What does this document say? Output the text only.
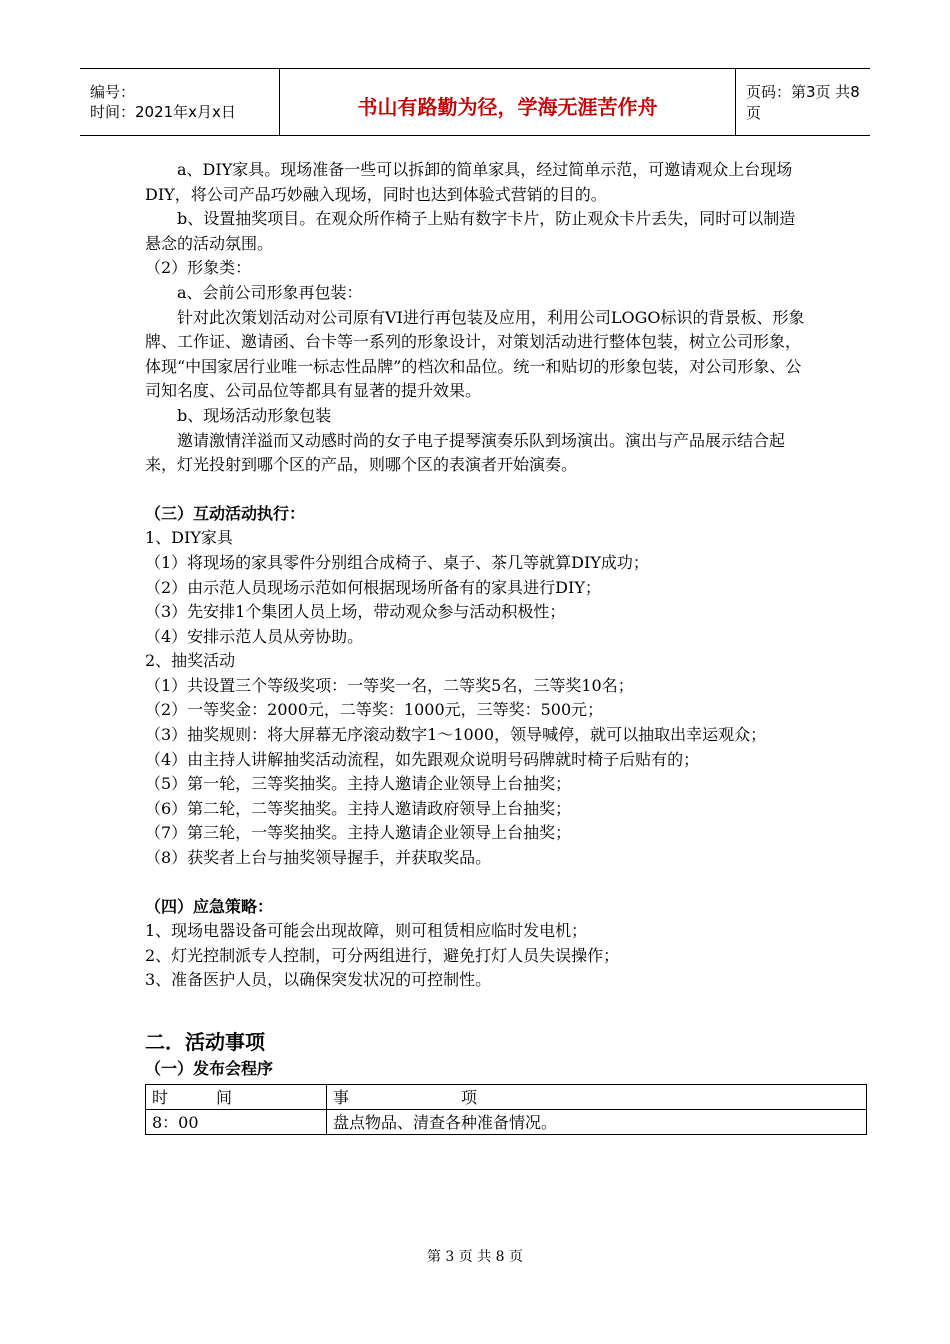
编号：
时间：2021年x月x日	书山有路勤为径，学海无涯苦作舟
页码：第3页 共8页
a、DIY家具。现场准备一些可以拆卸的简单家具，经过简单示范，可邀请观众上台现场DIY，将公司产品巧妙融入现场，同时也达到体验式营销的目的。
b、设置抽奖项目。在观众所作椅子上贴有数字卡片，防止观众卡片丢失，同时可以制造悬念的活动氛围。
（2）形象类：
a、会前公司形象再包装：
针对此次策划活动对公司原有VI进行再包装及应用，利用公司LOGO标识的背景板、形象牌、工作证、邀请函、台卡等一系列的形象设计，对策划活动进行整体包装，树立公司形象，体现“中国家居行业唯一标志性品牌”的档次和品位。统一和贴切的形象包装，对公司形象、公司知名度、公司品位等都具有显著的提升效果。
b、现场活动形象包装
邀请激情洋溢而又动感时尚的女子电子提琴演奏乐队到场演出。演出与产品展示结合起来，灯光投射到哪个区的产品，则哪个区的表演者开始演奏。
（三）互动活动执行：
1、DIY家具
（1）将现场的家具零件分别组合成椅子、桌子、茶几等就算DIY成功；
（2）由示范人员现场示范如何根据现场所备有的家具进行DIY；
（3）先安排1个集团人员上场，带动观众参与活动积极性；
（4）安排示范人员从旁协助。
2、抽奖活动
（1）共设置三个等级奖项：一等奖一名，二等奖5名，三等奖10名；
（2）一等奖金：2000元，二等奖：1000元，三等奖：500元；
（3）抽奖规则：将大屏幕无序滚动数字1～1000，领导喊停，就可以抽取出幸运观众；
（4）由主持人讲解抽奖活动流程，如先跟观众说明号码牌就时椅子后贴有的；
（5）第一轮，三等奖抽奖。主持人邀请企业领导上台抽奖；
（6）第二轮，二等奖抽奖。主持人邀请政府领导上台抽奖；
（7）第三轮，一等奖抽奖。主持人邀请企业领导上台抽奖；
（8）获奖者上台与抽奖领导握手，并获取奖品。
（四）应急策略：
1、现场电器设备可能会出现故障，则可租赁相应临时发电机；
2、灯光控制派专人控制，可分两组进行，避免打灯人员失误操作；
3、准备医护人员，以确保突发状况的可控制性。
二．活动事项
（一）发布会程序
时　　　间	事　　　　　　　项
8：00	盘点物品、清查各种准备情况。
第 3 页 共 8 页
